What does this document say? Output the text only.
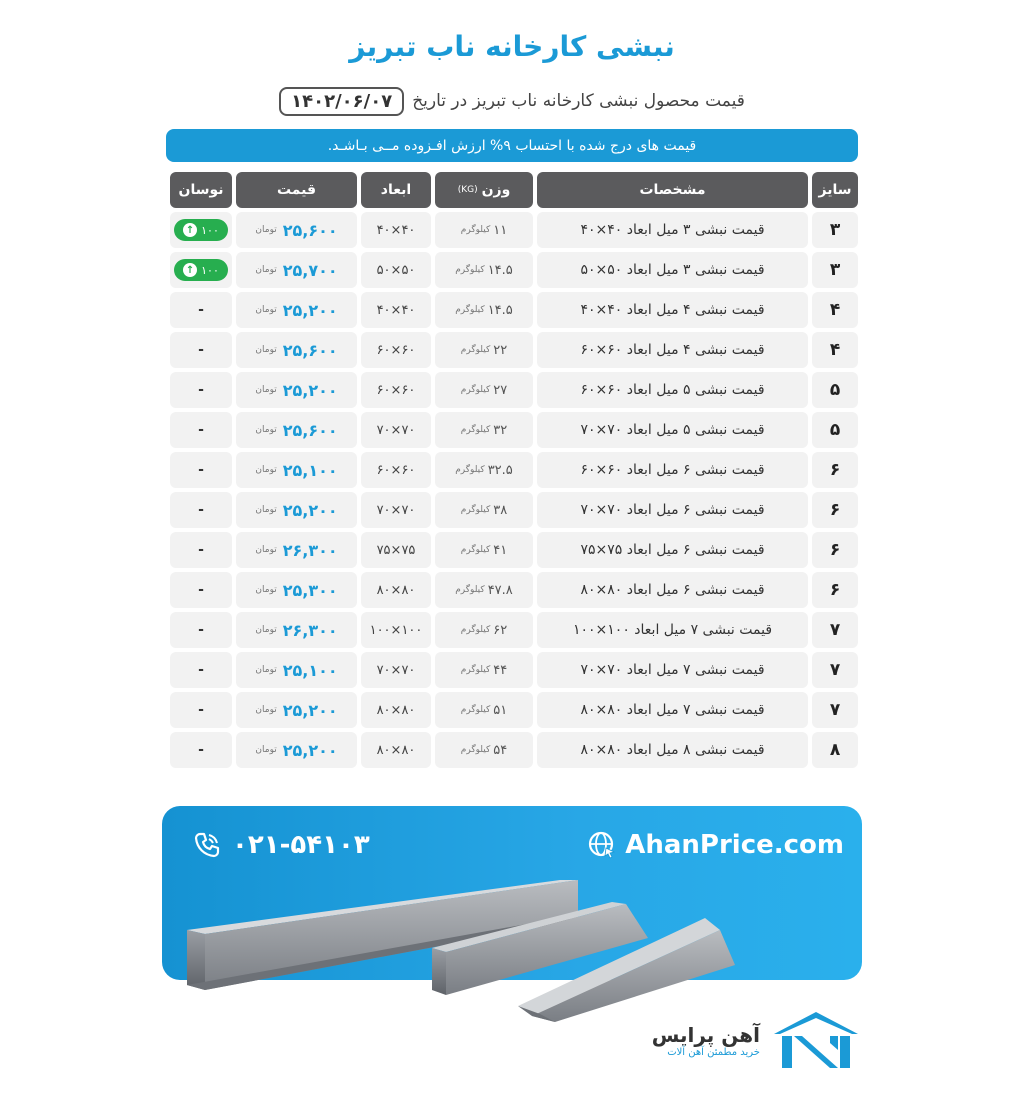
نبشی کارخانه ناب تبریز
قیمت محصول نبشی کارخانه ناب تبریز در تاریخ
۱۴۰۲/۰۶/۰۷
قیمت های درج شده با احتساب ۹% ارزش افـزوده مــی بـاشـد.
سایز
مشخصات
وزن
(KG)
ابعاد
قیمت
نوسان
۳
قیمت نبشی ۳ میل ابعاد ۴۰×۴۰
۱۱
کیلوگرم
۴۰×۴۰
۲۵,۶۰۰
تومان
↑ ۱۰۰
۳
قیمت نبشی ۳ میل ابعاد ۵۰×۵۰
۱۴.۵
کیلوگرم
۵۰×۵۰
۲۵,۷۰۰
تومان
↑ ۱۰۰
۴
قیمت نبشی ۴ میل ابعاد ۴۰×۴۰
۱۴.۵
کیلوگرم
۴۰×۴۰
۲۵,۲۰۰
تومان
-
۴
قیمت نبشی ۴ میل ابعاد ۶۰×۶۰
۲۲
کیلوگرم
۶۰×۶۰
۲۵,۶۰۰
تومان
-
۵
قیمت نبشی ۵ میل ابعاد ۶۰×۶۰
۲۷
کیلوگرم
۶۰×۶۰
۲۵,۲۰۰
تومان
-
۵
قیمت نبشی ۵ میل ابعاد ۷۰×۷۰
۳۲
کیلوگرم
۷۰×۷۰
۲۵,۶۰۰
تومان
-
۶
قیمت نبشی ۶ میل ابعاد ۶۰×۶۰
۳۲.۵
کیلوگرم
۶۰×۶۰
۲۵,۱۰۰
تومان
-
۶
قیمت نبشی ۶ میل ابعاد ۷۰×۷۰
۳۸
کیلوگرم
۷۰×۷۰
۲۵,۲۰۰
تومان
-
۶
قیمت نبشی ۶ میل ابعاد ۷۵×۷۵
۴۱
کیلوگرم
۷۵×۷۵
۲۶,۳۰۰
تومان
-
۶
قیمت نبشی ۶ میل ابعاد ۸۰×۸۰
۴۷.۸
کیلوگرم
۸۰×۸۰
۲۵,۳۰۰
تومان
-
۷
قیمت نبشی ۷ میل ابعاد ۱۰۰×۱۰۰
۶۲
کیلوگرم
۱۰۰×۱۰۰
۲۶,۳۰۰
تومان
-
۷
قیمت نبشی ۷ میل ابعاد ۷۰×۷۰
۴۴
کیلوگرم
۷۰×۷۰
۲۵,۱۰۰
تومان
-
۷
قیمت نبشی ۷ میل ابعاد ۸۰×۸۰
۵۱
کیلوگرم
۸۰×۸۰
۲۵,۲۰۰
تومان
-
۸
قیمت نبشی ۸ میل ابعاد ۸۰×۸۰
۵۴
کیلوگرم
۸۰×۸۰
۲۵,۲۰۰
تومان
-
۰۲۱-۵۴۱۰۳	AhanPrice.com
آهن پرایس
خرید مطمئن آهن آلات
